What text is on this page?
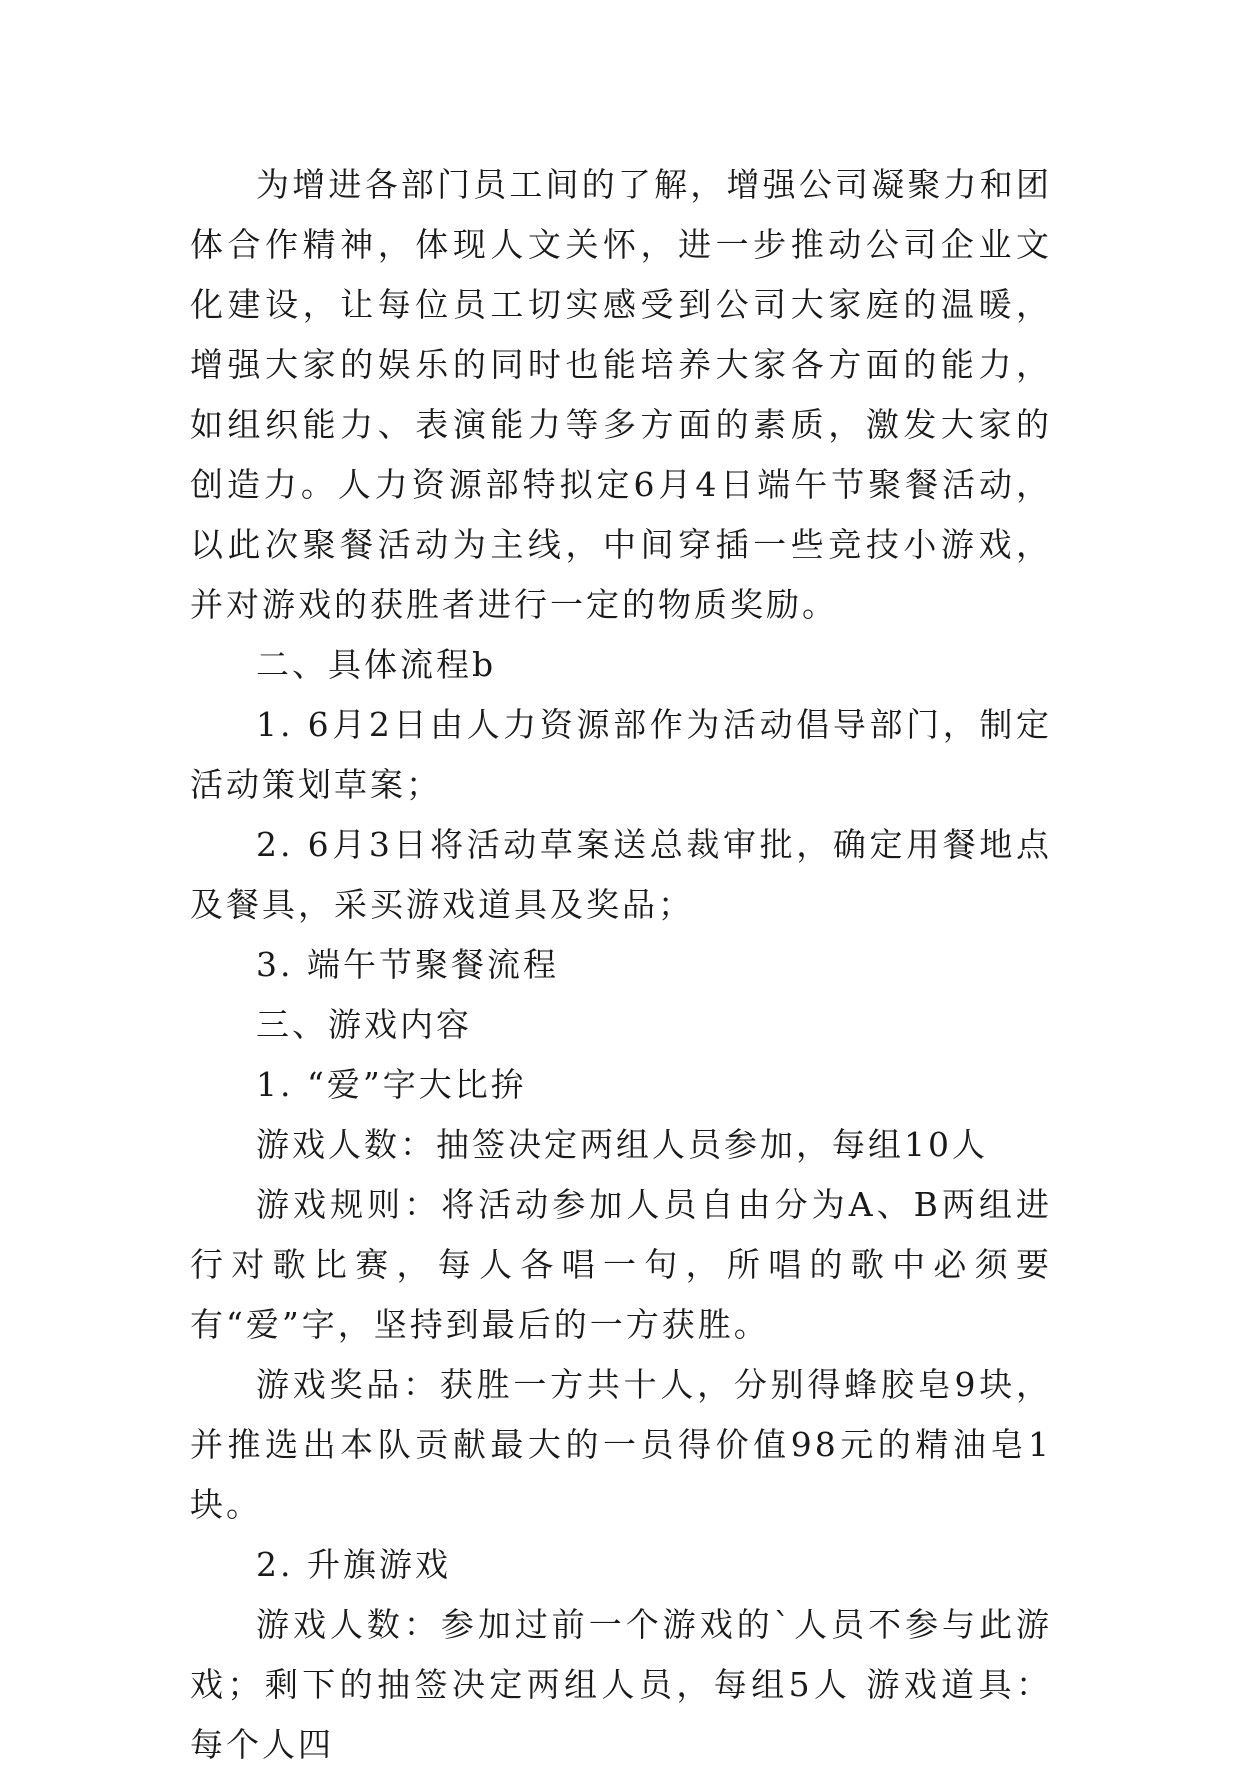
为增进各部门员工间的了解，增强公司凝聚力和团体合作精神，体现人文关怀，进一步推动公司企业文化建设，让每位员工切实感受到公司大家庭的温暖，增强大家的娱乐的同时也能培养大家各方面的能力，如组织能力、表演能力等多方面的素质，激发大家的创造力。人力资源部特拟定6月4日端午节聚餐活动，以此次聚餐活动为主线，中间穿插一些竞技小游戏，并对游戏的获胜者进行一定的物质奖励。

二、具体流程b

1. 6月2日由人力资源部作为活动倡导部门，制定活动策划草案；

2. 6月3日将活动草案送总裁审批，确定用餐地点及餐具，采买游戏道具及奖品；

3. 端午节聚餐流程

三、游戏内容

1. “爱”字大比拚

游戏人数：抽签决定两组人员参加，每组10人

游戏规则：将活动参加人员自由分为A、B两组进行对歌比赛，每人各唱一句，所唱的歌中必须要有“爱”字，坚持到最后的一方获胜。

游戏奖品：获胜一方共十人，分别得蜂胶皂9块，并推选出本队贡献最大的一员得价值98元的精油皂1块。

2. 升旗游戏

游戏人数：参加过前一个游戏的`人员不参与此游戏；剩下的抽签决定两组人员，每组5人 游戏道具：每个人四
